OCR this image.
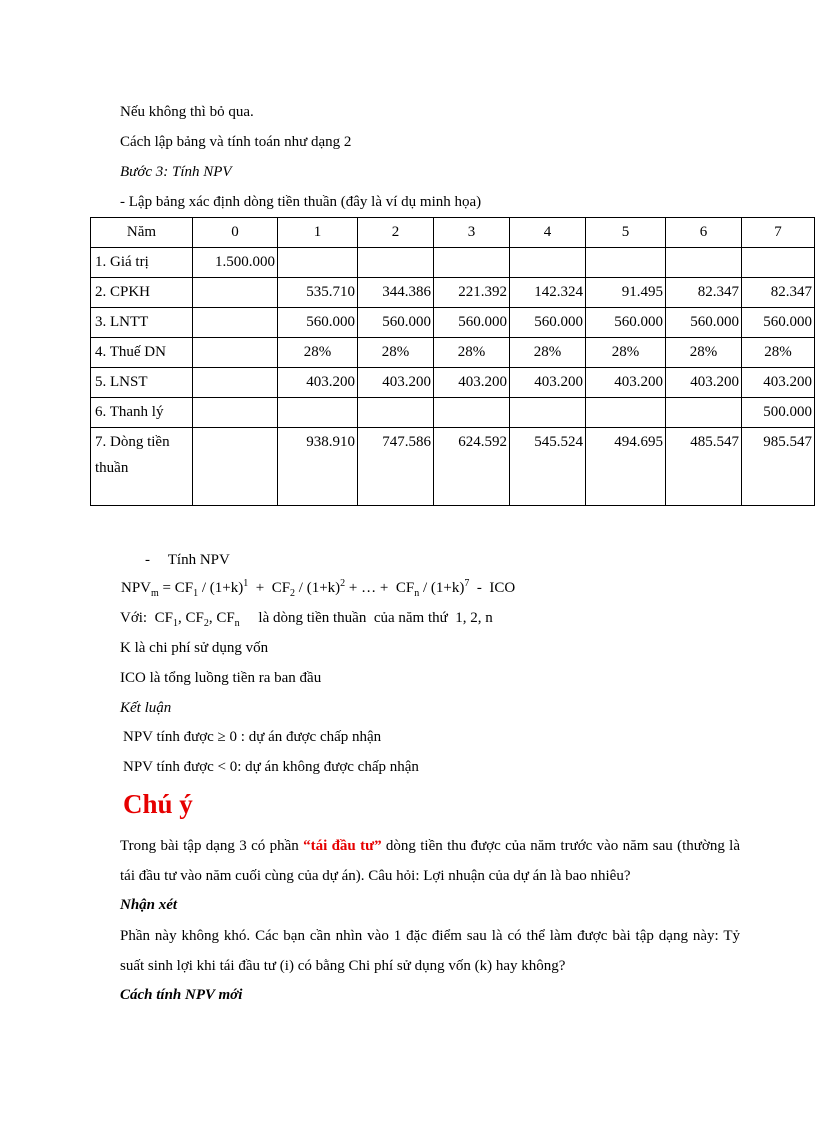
Nếu không thì bỏ qua.
Cách lập bảng và tính toán như dạng 2
Bước 3: Tính NPV
- Lập bảng xác định dòng tiền thuần (đây là ví dụ minh họa)
Năm	0	1	2	3	4	5	6	7
1. Giá trị	1.500.000							
2. CPKH		535.710	344.386	221.392	142.324	91.495	82.347	82.347
3. LNTT		560.000	560.000	560.000	560.000	560.000	560.000	560.000
4. Thuế DN		28%	28%	28%	28%	28%	28%	28%
5. LNST		403.200	403.200	403.200	403.200	403.200	403.200	403.200
6. Thanh lý								500.000

7. Dòng tiền
thuần		938.910	747.586	624.592	545.524	494.695	485.547	985.547
- Tính NPV
$NPV_m = CF_1 / (1+k)^1 + CF_2 / (1+k)^2$ + … +  $CF_n / (1+k)^7$  -  ICO
Với:  $CF_1$, $CF_2$, $CF_n$     là dòng tiền thuần  của năm thứ  1, 2, n
K là chi phí sử dụng vốn
ICO là tổng luồng tiền ra ban đầu
Kết luận
NPV tính được ≥ 0 : dự án được chấp nhận
NPV tính được < 0: dự án không được chấp nhận
Chú ý
Trong bài tập dạng 3 có phần “tái đầu tư” dòng tiền thu được của năm trước vào năm sau (thường là tái đầu tư vào năm cuối cùng của dự án). Câu hỏi: Lợi nhuận của dự án là bao nhiêu?
Nhận xét
Phần này không khó. Các bạn cần nhìn vào 1 đặc điểm sau là có thể làm được bài tập dạng này: Tỷ suất sinh lợi khi tái đầu tư (i) có bằng Chi phí sử dụng vốn (k) hay không?
Cách tính NPV mới
